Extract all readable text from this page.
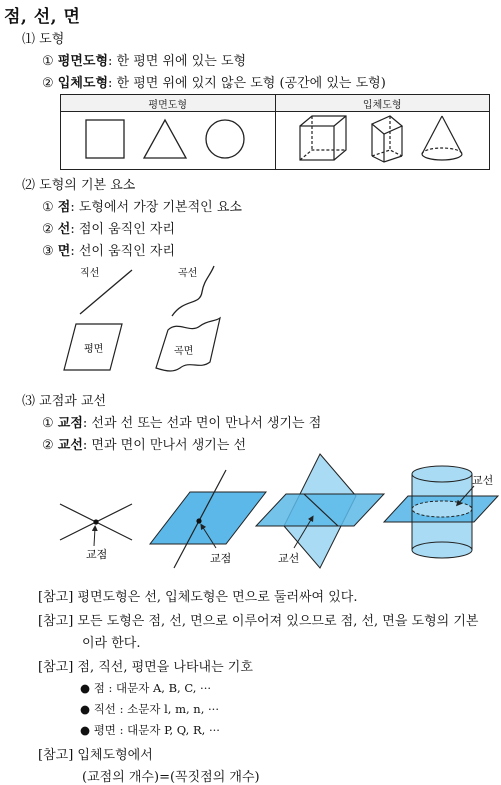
점, 선, 면
⑴ 도형
① 평면도형: 한 평면 위에 있는 도형
② 입체도형: 한 평면 위에 있지 않은 도형 (공간에 있는 도형)
평면도형	입체도형

⑵ 도형의 기본 요소
① 점: 도형에서 가장 기본적인 요소
② 선: 점이 움직인 자리
③ 면: 선이 움직인 자리
직선	곡선
평면	곡면
⑶ 교점과 교선
① 교점: 선과 선 또는 선과 면이 만나서 생기는 점
② 교선: 면과 면이 만나서 생기는 선
교점	교점	교선
교선
[참고] 평면도형은 선, 입체도형은 면으로 둘러싸여 있다.
[참고] 모든 도형은 점, 선, 면으로 이루어져 있으므로 점, 선, 면을 도형의 기본
이라 한다.
[참고] 점, 직선, 평면을 나타내는 기호
● 점 : 대문자 A, B, C, ···
● 직선 : 소문자 l, m, n, ···
● 평면 : 대문자 P, Q, R, ···
[참고] 입체도형에서
(교점의 개수)=(꼭짓점의 개수)
